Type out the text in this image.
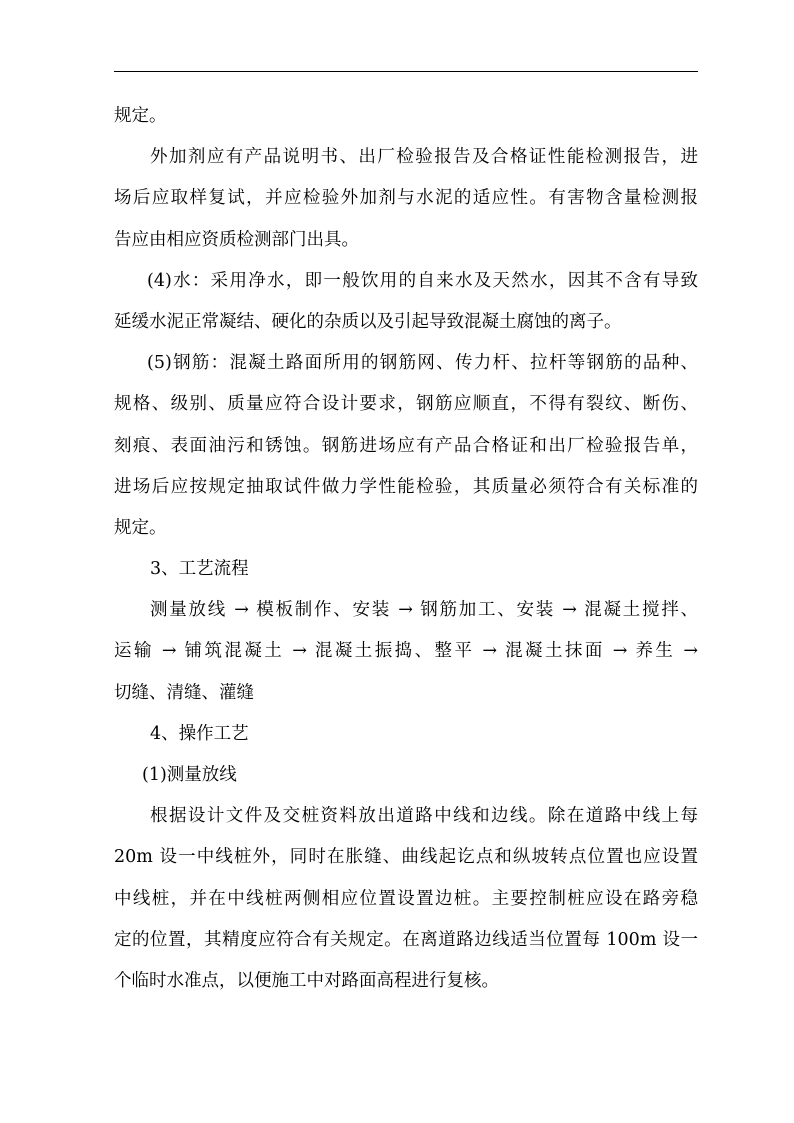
规定。
外加剂应有产品说明书、出厂检验报告及合格证性能检测报告，进
场后应取样复试，并应检验外加剂与水泥的适应性。有害物含量检测报
告应由相应资质检测部门出具。
(4)水：采用净水，即一般饮用的自来水及天然水，因其不含有导致
延缓水泥正常凝结、硬化的杂质以及引起导致混凝土腐蚀的离子。
(5)钢筋：混凝土路面所用的钢筋网、传力杆、拉杆等钢筋的品种、
规格、级别、质量应符合设计要求，钢筋应顺直，不得有裂纹、断伤、
刻痕、表面油污和锈蚀。钢筋进场应有产品合格证和出厂检验报告单，
进场后应按规定抽取试件做力学性能检验，其质量必须符合有关标准的
规定。
3、工艺流程
测量放线 → 模板制作、安装 → 钢筋加工、安装 → 混凝土搅拌、
运输 → 铺筑混凝土 → 混凝土振捣、整平 → 混凝土抹面 → 养生 →
切缝、清缝、灌缝
4、操作工艺
(1)测量放线
根据设计文件及交桩资料放出道路中线和边线。除在道路中线上每
20m 设一中线桩外，同时在胀缝、曲线起讫点和纵坡转点位置也应设置
中线桩，并在中线桩两侧相应位置设置边桩。主要控制桩应设在路旁稳
定的位置，其精度应符合有关规定。在离道路边线适当位置每 100m 设一
个临时水准点，以便施工中对路面高程进行复核。
